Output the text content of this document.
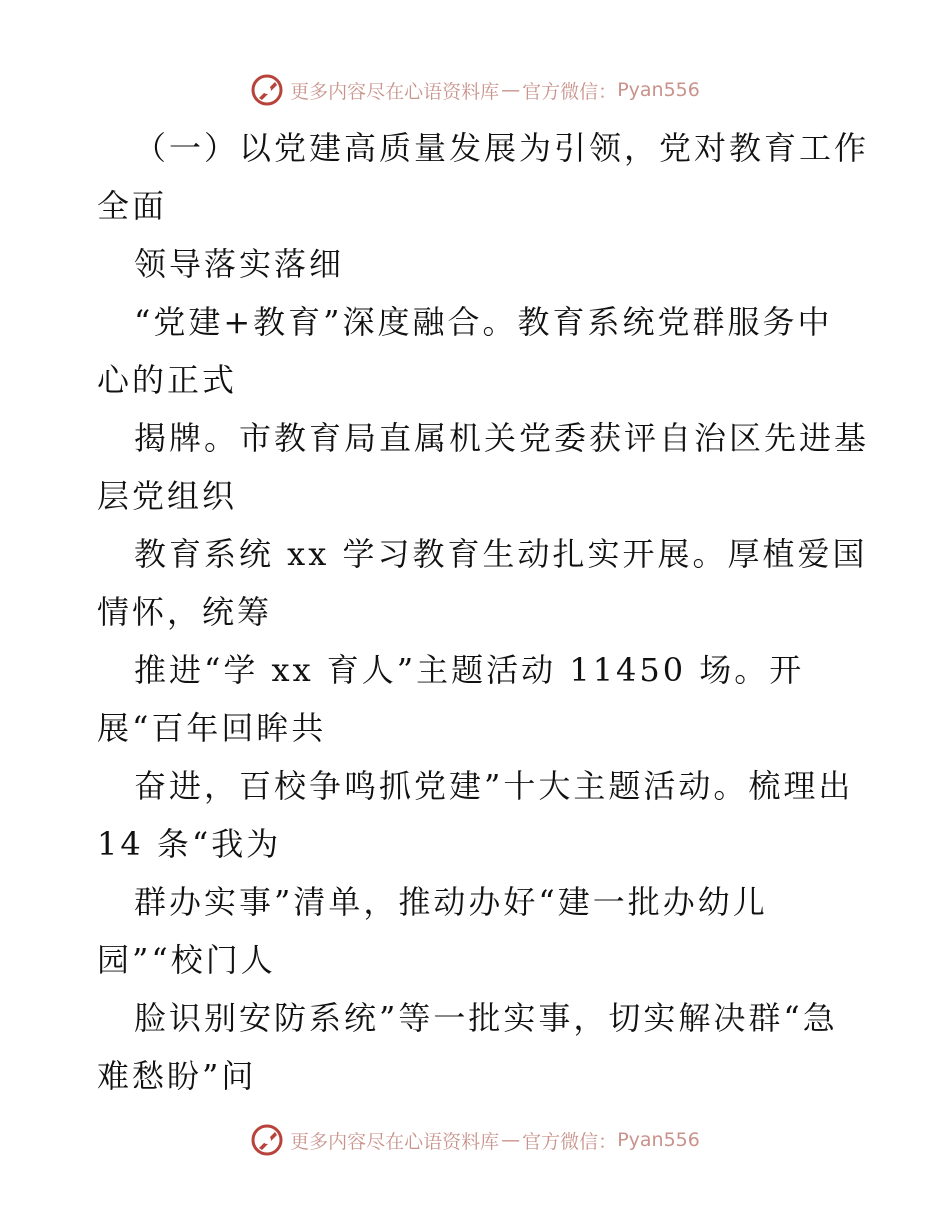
更多内容尽在心语资料库 — 官方微信： Pyan556
（一）以党建高质量发展为引领，党对教育工作
全面
领导落实落细
“党建+教育”深度融合。教育系统党群服务中
心的正式
揭牌。市教育局直属机关党委获评自治区先进基
层党组织
教育系统 xx 学习教育生动扎实开展。厚植爱国
情怀，统筹
推进“学 xx 育人”主题活动 11450 场。开
展“百年回眸共
奋进，百校争鸣抓党建”十大主题活动。梳理出
14 条“我为
群办实事”清单，推动办好“建一批办幼儿
园”“校门人
脸识别安防系统”等一批实事，切实解决群“急
难愁盼”问
更多内容尽在心语资料库 — 官方微信： Pyan556
